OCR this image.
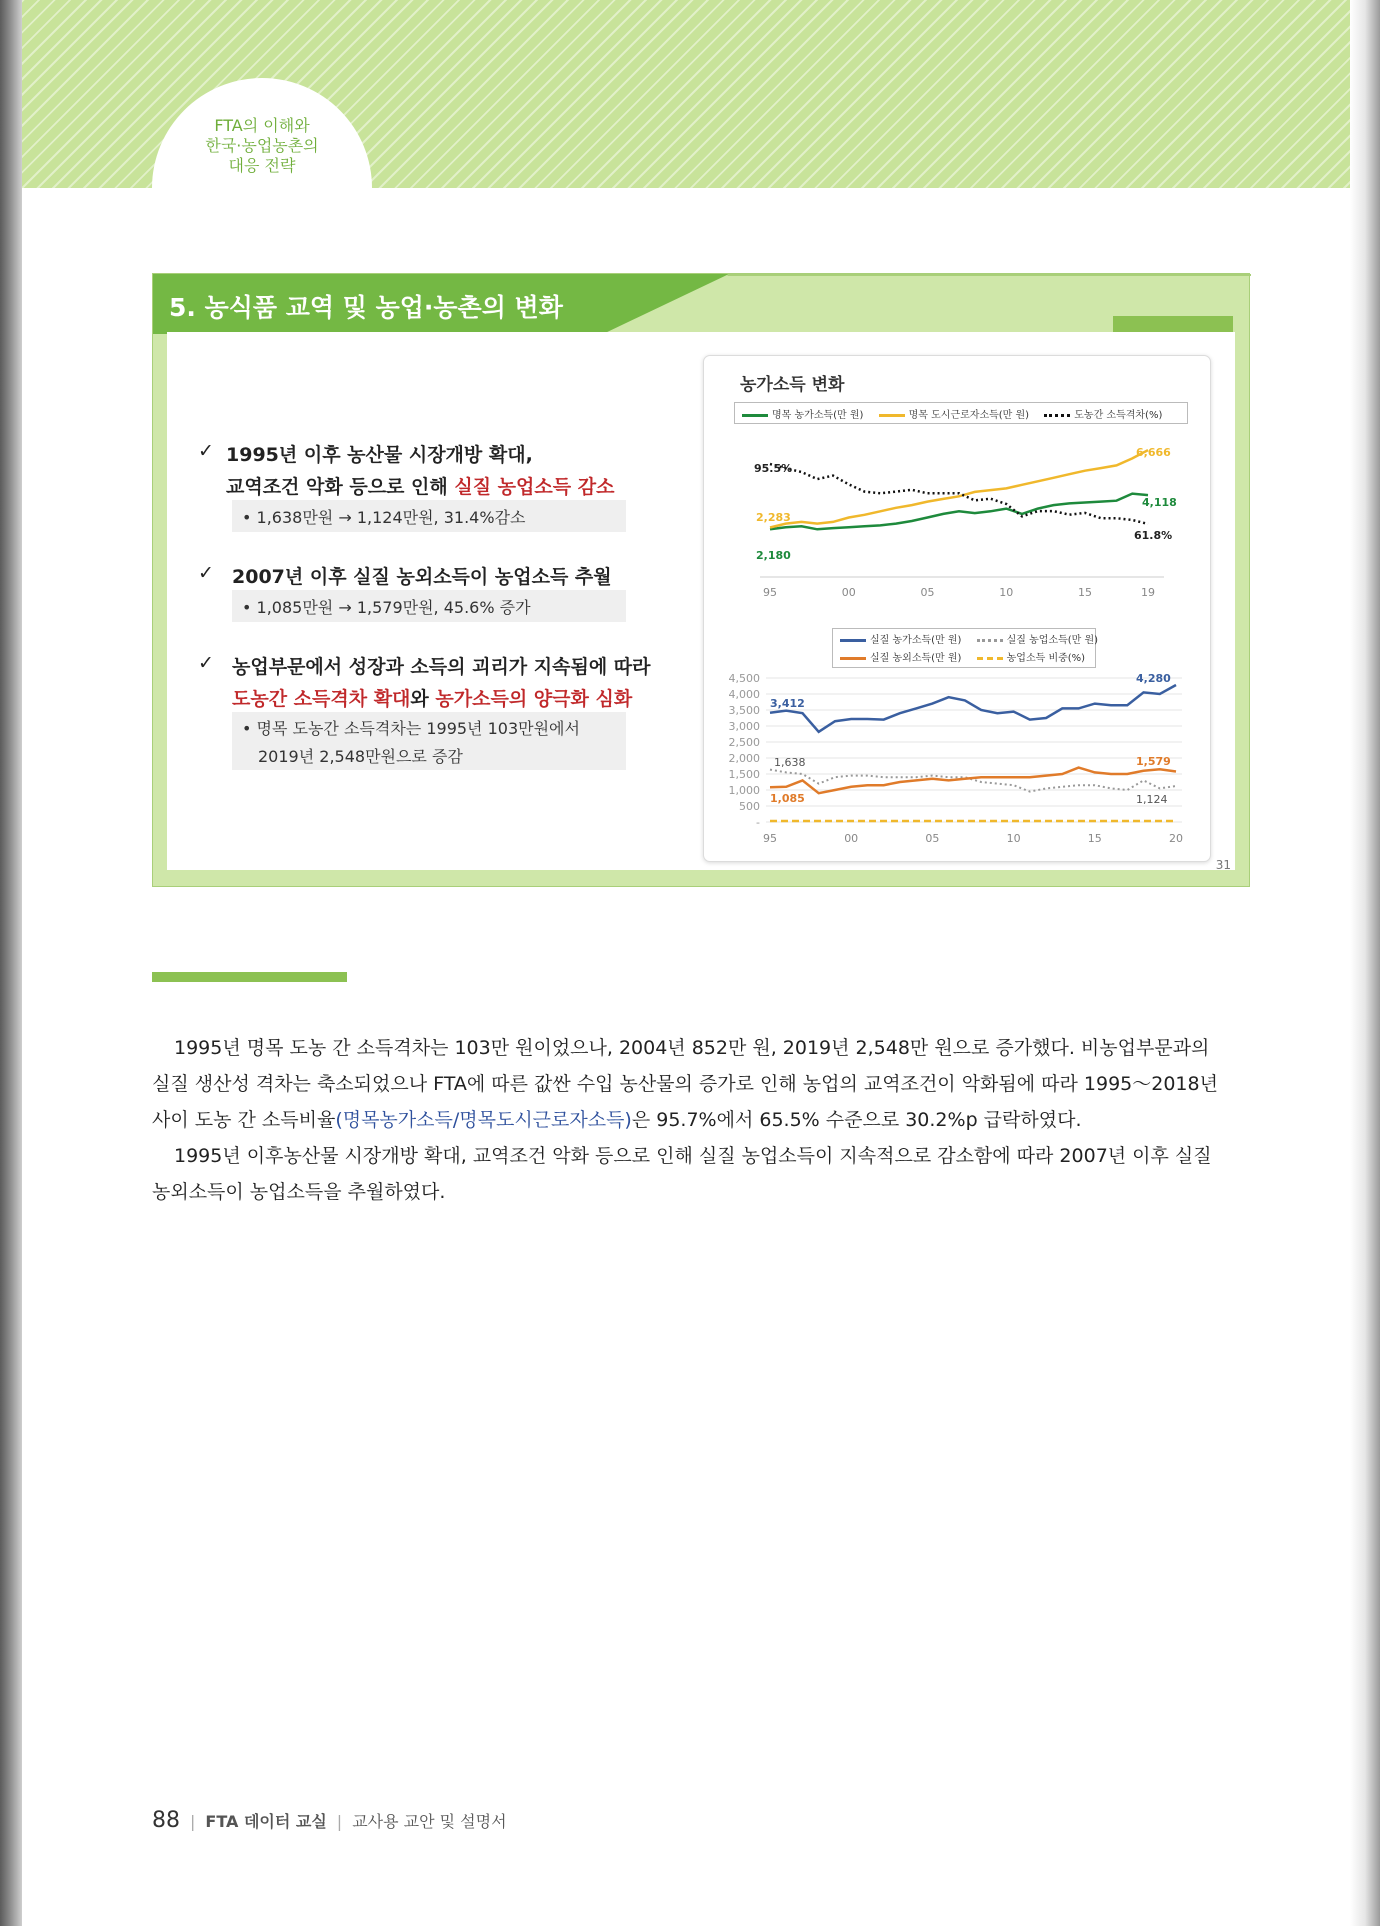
FTA의 이해와
한국·농업농촌의
대응 전략
5. 농식품 교역 및 농업·농촌의 변화
31
✓ 1995년 이후 농산물 시장개방 확대,
교역조건 악화 등으로 인해 실질 농업소득 감소
• 1,638만원 → 1,124만원, 31.4%감소
✓ 2007년 이후 실질 농외소득이 농업소득 추월
• 1,085만원 → 1,579만원, 45.6% 증가
✓ 농업부문에서 성장과 소득의 괴리가 지속됨에 따라
도농간 소득격차 확대와 농가소득의 양극화 심화
• 명목 도농간 소득격차는 1995년 103만원에서
2019년 2,548만원으로 증감
농가소득 변화
명목 농가소득(만 원)	명목 도시근로자소득(만 원)	도농간 소득격차(%)
실질 농가소득(만 원)	실질 농업소득(만 원)
실질 농외소득(만 원)	농업소득 비중(%)
2,180
4,118
2,283
6,666
95.5%
61.8%
95	00	05	10	15	19
4,500
4,000
3,500
3,000
2,500
2,000
1,500
1,000
500
-
3,412
4,280
1,638
1,124
1,085
1,579
95	00	05	10	15	20
1995년 명목 도농 간 소득격차는 103만 원이었으나, 2004년 852만 원, 2019년 2,548만 원으로 증가했다. 비농업부문과의
실질 생산성 격차는 축소되었으나 FTA에 따른 값싼 수입 농산물의 증가로 인해 농업의 교역조건이 악화됨에 따라 1995～2018년
사이 도농 간 소득비율(명목농가소득/명목도시근로자소득)은 95.7%에서 65.5% 수준으로 30.2%p 급락하였다.
1995년 이후농산물 시장개방 확대, 교역조건 악화 등으로 인해 실질 농업소득이 지속적으로 감소함에 따라 2007년 이후 실질
농외소득이 농업소득을 추월하였다.
88 | FTA 데이터 교실 | 교사용 교안 및 설명서
